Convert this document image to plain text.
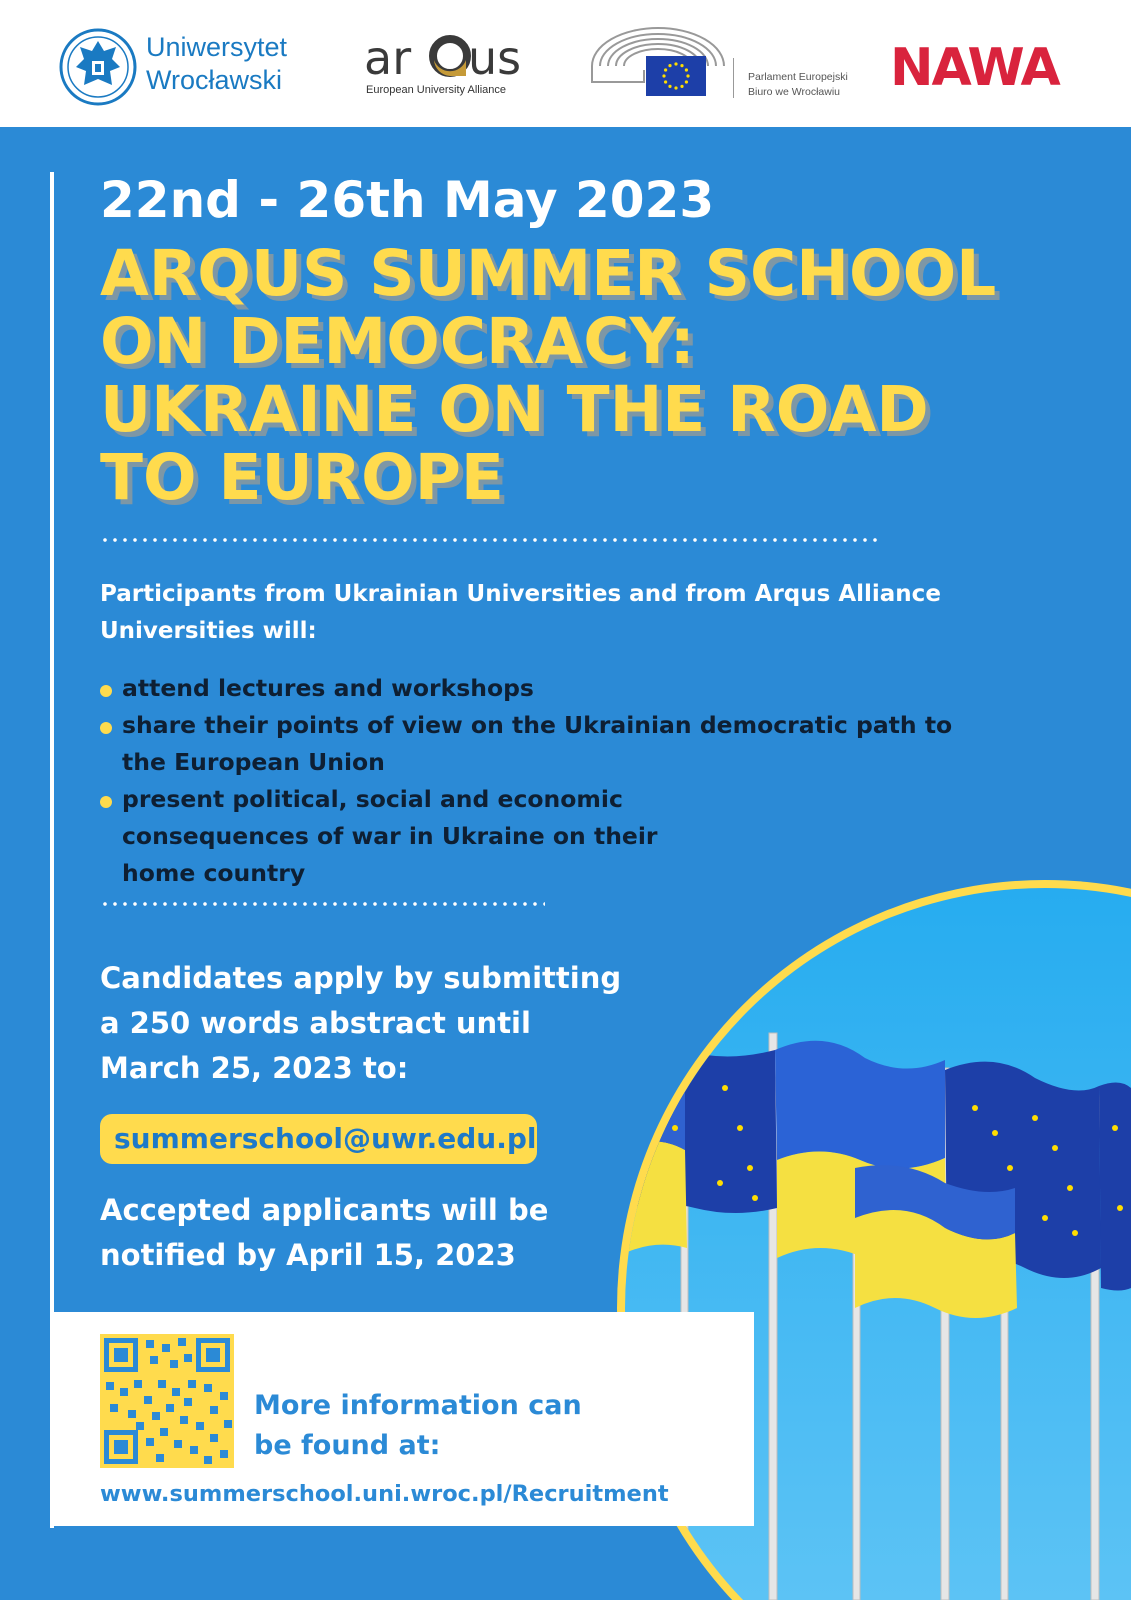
Uniwersytet
Wrocławski ar us
European University Alliance
Parlament Europejski
Biuro we Wrocławiu NAWA
22nd - 26th May 2023
ARQUS SUMMER SCHOOL
ON DEMOCRACY:
UKRAINE ON THE ROAD
TO EUROPE
Participants from Ukrainian Universities and from Arqus Alliance Universities will:
attend lectures and workshops
share their points of view on the Ukrainian democratic path to the European Union
present political, social and economic consequences of war in Ukraine on their home country
Candidates apply by submitting
a 250 words abstract until
March 25, 2023 to:
summerschool@uwr.edu.pl
Accepted applicants will be
notified by April 15, 2023
More information can
be found at:
www.summerschool.uni.wroc.pl/Recruitment
